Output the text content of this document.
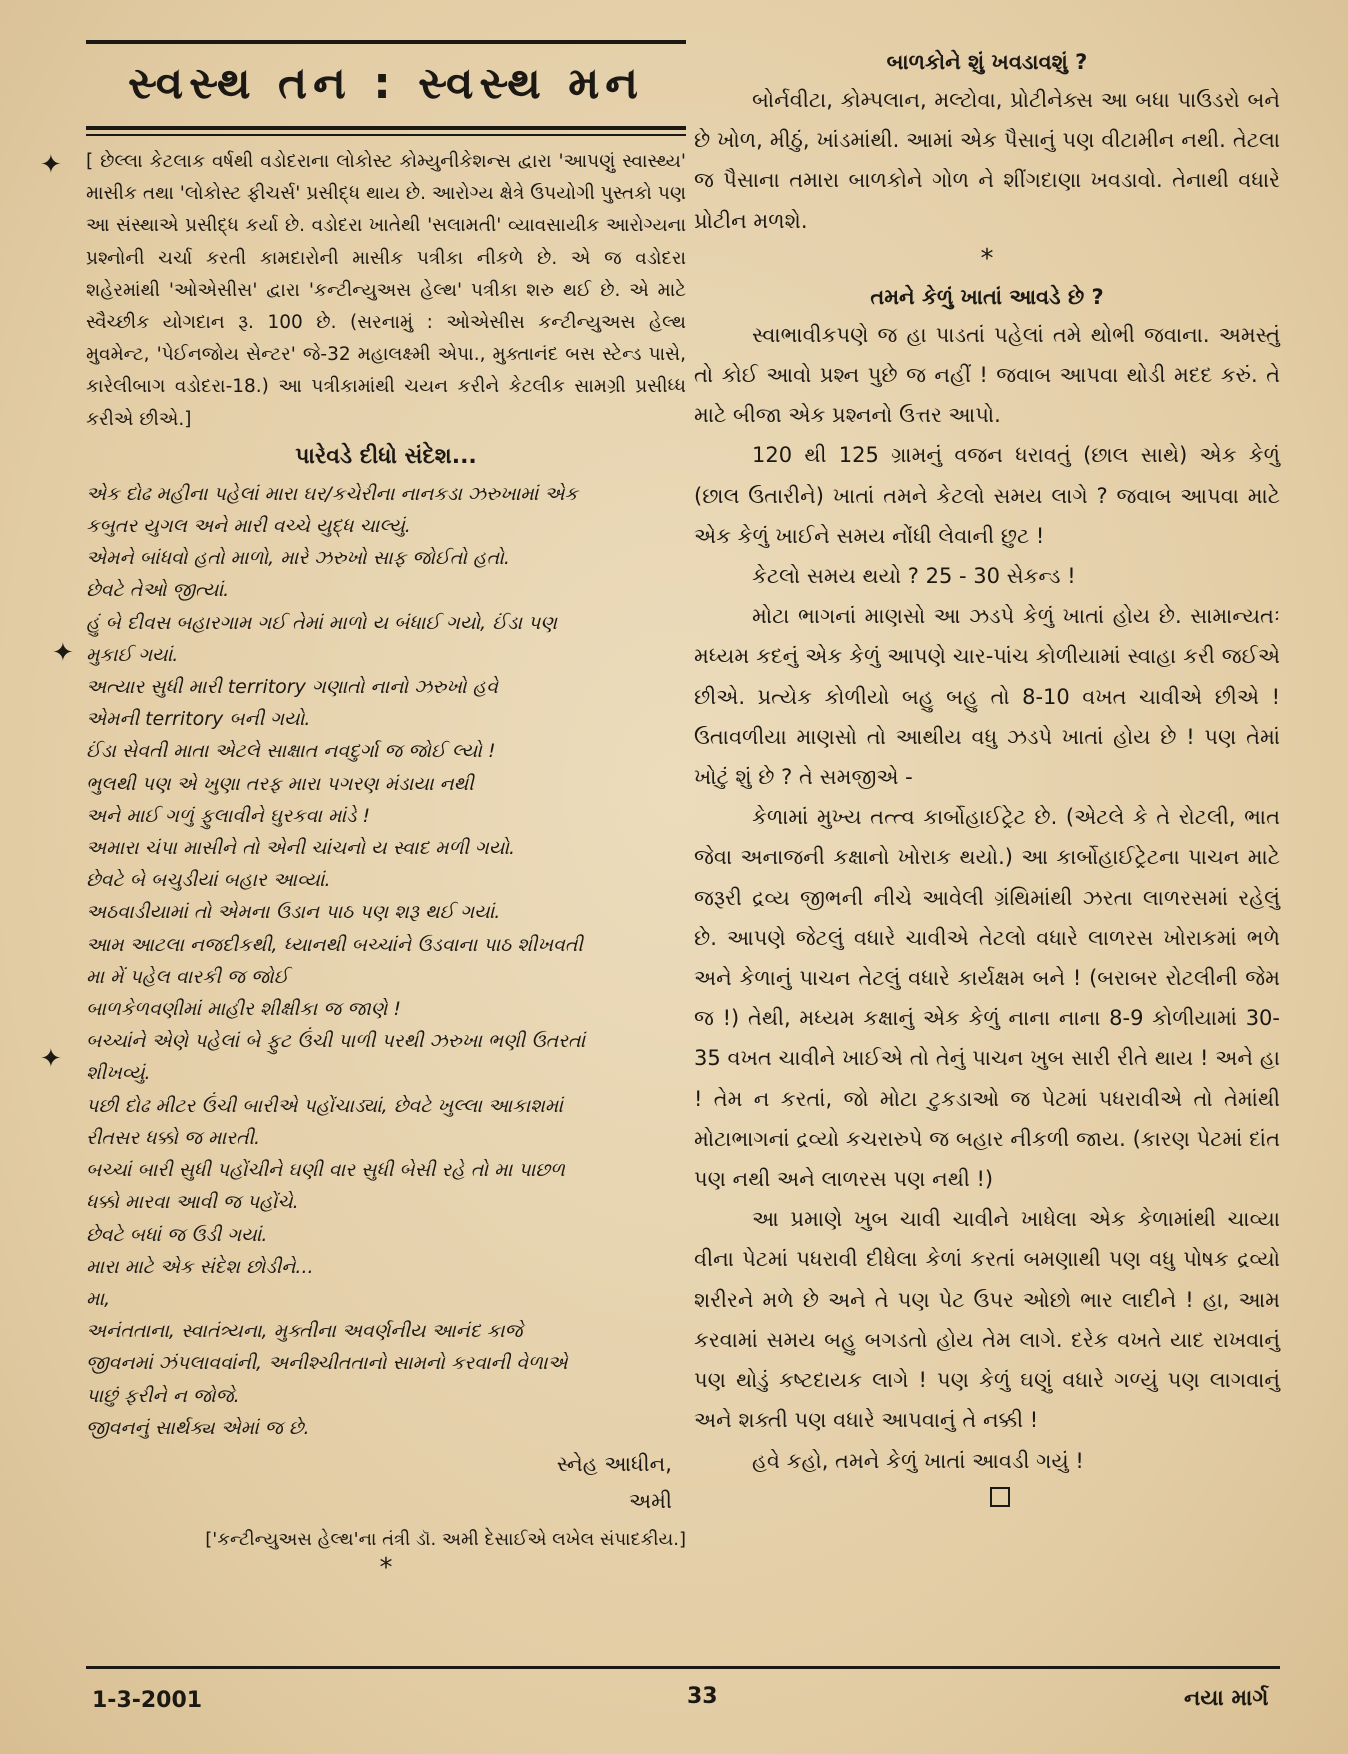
સ્વસ્થ તન : સ્વસ્થ મન
[ છેલ્લા કેટલાક વર્ષથી વડોદરાના લોકોસ્ટ કોમ્યુનીકેશન્સ દ્વારા 'આપણું સ્વાસ્થ્ય' માસીક તથા 'લોકોસ્ટ ફીચર્સ' પ્રસીદ્ધ થાય છે. આરોગ્ય ક્ષેત્રે ઉપયોગી પુસ્તકો પણ આ સંસ્થાએ પ્રસીદ્ધ કર્યા છે. વડોદરા ખાતેથી 'સલામતી' વ્યાવસાયીક આરોગ્યના પ્રશ્નોની ચર્ચા કરતી કામદારોની માસીક પત્રીકા નીકળે છે. એ જ વડોદરા શહેરમાંથી 'ઓએસીસ' દ્વારા 'કન્ટીન્યુઅસ હેલ્થ' પત્રીકા શરુ થઈ છે. એ માટે સ્વૈચ્છીક યોગદાન રૂ. 100 છે. (સરનામું : ઓએસીસ કન્ટીન્યુઅસ હેલ્થ મુવમેન્ટ, 'પેઈનજોય સેન્ટર' જે-32 મહાલક્ષ્મી એપા., મુક્તાનંદ બસ સ્ટેન્ડ પાસે, કારેલીબાગ વડોદરા-18.) આ પત્રીકામાંથી ચયન કરીને કેટલીક સામગ્રી પ્રસીધ્ધ કરીએ છીએ.]
પારેવડે દીધો સંદેશ...

એક દોઢ મહીના પહેલાં મારા ઘર/કચેરીના નાનકડા ઝરુખામાં એક

કબુતર યુગલ અને મારી વચ્ચે યુદ્ધ ચાલ્યું.

એમને બાંધવો હતો માળો, મારે ઝરુખો સાફ જોઈતો હતો.

છેવટે તેઓ જીત્યાં.

હું બે દીવસ બહારગામ ગઈ તેમાં માળો ય બંધાઈ ગયો, ઈંડા પણ

મુકાઈ ગયાં.

અત્યાર સુધી મારી territory ગણાતો નાનો ઝરુખો હવે

એમની territory બની ગયો.

ઈંડા સેવતી માતા એટલે સાક્ષાત નવદુર્ગા જ જોઈ લ્યો !

ભુલથી પણ એ ખુણા તરફ મારા પગરણ મંડાયા નથી

અને માઈ ગળું ફુલાવીને ઘુરકવા માંડે !

અમારા ચંપા માસીને તો એની ચાંચનો ય સ્વાદ મળી ગયો.

છેવટે બે બચુડીયાં બહાર આવ્યાં.

અઠવાડીયામાં તો એમના ઉડાન પાઠ પણ શરૂ થઈ ગયાં.

આમ આટલા નજદીકથી, ધ્યાનથી બચ્ચાંને ઉડવાના પાઠ શીખવતી

મા મેં પહેલ વારકી જ જોઈ

બાળકેળવણીમાં માહીર શીક્ષીકા જ જાણે !

બચ્ચાંને એણે પહેલાં બે ફુટ ઉંચી પાળી પરથી ઝરુખા ભણી ઉતરતાં

શીખવ્યું.

પછી દોઢ મીટર ઉંચી બારીએ પહોંચાડ્યાં, છેવટે ખુલ્લા આકાશમાં

રીતસર ધક્કો જ મારતી.

બચ્ચાં બારી સુધી પહોંચીને ઘણી વાર સુધી બેસી રહે તો મા પાછળ

ધક્કો મારવા આવી જ પહોંચે.

છેવટે બધાં જ ઉડી ગયાં.

મારા માટે એક સંદેશ છોડીને...

મા,

અનંતતાના, સ્વાતંત્ર્યના, મુક્તીના અવર્ણનીય આનંદ કાજે

જીવનમાં ઝંપલાવવાંની, અનીશ્ચીતતાનો સામનો કરવાની વેળાએ

પાછું ફરીને ન જોજે.

જીવનનું સાર્થક્ય એમાં જ છે.

સ્નેહ આધીન,
અમી
['કન્ટીન્યુઅસ હેલ્થ'ના તંત્રી ડૉ. અમી દેસાઈએ લખેલ સંપાદકીય.]
*
બાળકોને શું ખવડાવશું ?

બોર્નવીટા, કોમ્પલાન, મલ્ટોવા, પ્રોટીનેક્સ આ બધા પાઉડરો બને છે ખોળ, મીઠું, ખાંડમાંથી. આમાં એક પૈસાનું પણ વીટામીન નથી. તેટલા જ પૈસાના તમારા બાળકોને ગોળ ને શીંગદાણા ખવડાવો. તેનાથી વધારે પ્રોટીન મળશે.

*
તમને કેળું ખાતાં આવડે છે ?

સ્વાભાવીકપણે જ હા પાડતાં પહેલાં તમે થોભી જવાના. અમસ્તું તો કોઈ આવો પ્રશ્ન પુછે જ નહીં ! જવાબ આપવા થોડી મદદ કરું. તે માટે બીજા એક પ્રશ્નનો ઉત્તર આપો.

120 થી 125 ગ્રામનું વજન ધરાવતું (છાલ સાથે) એક કેળું (છાલ ઉતારીને) ખાતાં તમને કેટલો સમય લાગે ? જવાબ આપવા માટે એક કેળું ખાઈને સમય નોંધી લેવાની છુટ !

કેટલો સમય થયો ? 25 - 30 સેકન્ડ !

મોટા ભાગનાં માણસો આ ઝડપે કેળું ખાતાં હોય છે. સામાન્યતઃ મધ્યમ કદનું એક કેળું આપણે ચાર-પાંચ કોળીયામાં સ્વાહા કરી જઈએ છીએ. પ્રત્યેક કોળીયો બહુ બહુ તો 8-10 વખત ચાવીએ છીએ ! ઉતાવળીયા માણસો તો આથીય વધુ ઝડપે ખાતાં હોય છે ! પણ તેમાં ખોટું શું છે ? તે સમજીએ -

કેળામાં મુખ્ય તત્ત્વ કાર્બોહાઈટ્રેટ છે. (એટલે કે તે રોટલી, ભાત જેવા અનાજની કક્ષાનો ખોરાક થયો.) આ કાર્બોહાઈટ્રેટના પાચન માટે જરૂરી દ્રવ્ય જીભની નીચે આવેલી ગ્રંથિમાંથી ઝરતા લાળરસમાં રહેલું છે. આપણે જેટલું વધારે ચાવીએ તેટલો વધારે લાળરસ ખોરાકમાં ભળે અને કેળાનું પાચન તેટલું વધારે કાર્યક્ષમ બને ! (બરાબર રોટલીની જેમ જ !) તેથી, મધ્યમ કક્ષાનું એક કેળું નાના નાના 8-9 કોળીયામાં 30-35 વખત ચાવીને ખાઈએ તો તેનું પાચન ખુબ સારી રીતે થાય ! અને હા ! તેમ ન કરતાં, જો મોટા ટુકડાઓ જ પેટમાં પધરાવીએ તો તેમાંથી મોટાભાગનાં દ્રવ્યો કચરારુપે જ બહાર નીકળી જાય. (કારણ પેટમાં દાંત પણ નથી અને લાળરસ પણ નથી !)

આ પ્રમાણે ખુબ ચાવી ચાવીને ખાધેલા એક કેળામાંથી ચાવ્યા વીના પેટમાં પધરાવી દીધેલા કેળાં કરતાં બમણાથી પણ વધુ પોષક દ્રવ્યો શરીરને મળે છે અને તે પણ પેટ ઉપર ઓછો ભાર લાદીને ! હા, આમ કરવામાં સમય બહુ બગડતો હોય તેમ લાગે. દરેક વખતે યાદ રાખવાનું પણ થોડું કષ્ટદાયક લાગે ! પણ કેળું ઘણું વધારે ગળ્યું પણ લાગવાનું અને શક્તી પણ વધારે આપવાનું તે નક્કી !

હવે કહો, તમને કેળું ખાતાં આવડી ગયું !

1-3-2001	33	નયા માર્ગ
✦
✦
✦
